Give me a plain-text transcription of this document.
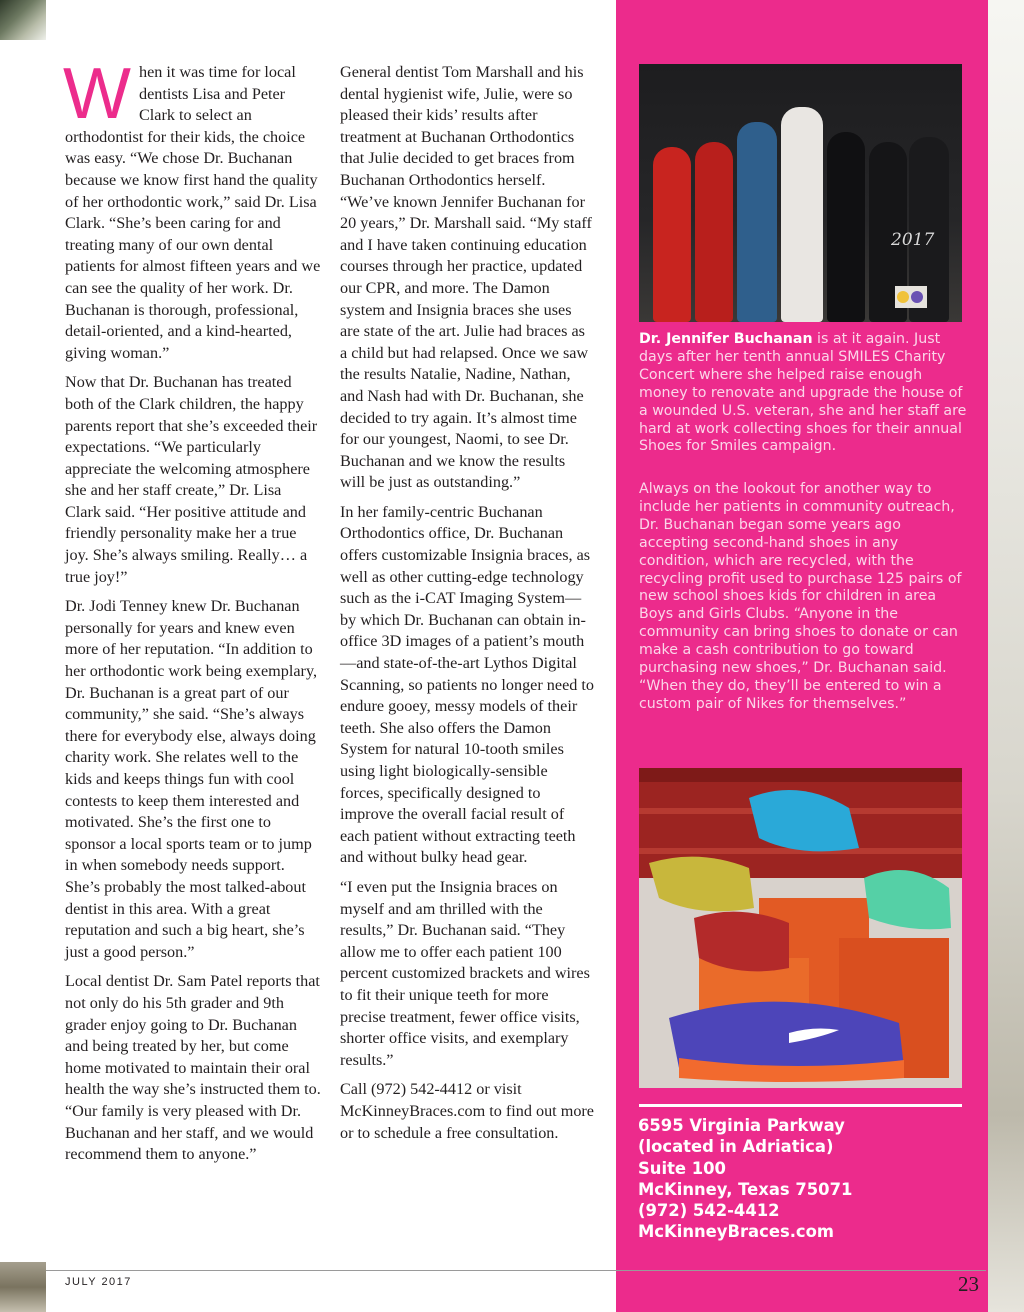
When it was time for local dentists Lisa and Peter Clark to select an orthodontist for their kids, the choice was easy. “We chose Dr. Buchanan because we know first hand the quality of her orthodontic work,” said Dr. Lisa Clark. “She’s been caring for and treating many of our own dental patients for almost fifteen years and we can see the quality of her work. Dr. Buchanan is thorough, professional, detail-oriented, and a kind-hearted, giving woman.”

Now that Dr. Buchanan has treated both of the Clark children, the happy parents report that she’s exceeded their expectations. “We particularly appreciate the welcoming atmosphere she and her staff create,” Dr. Lisa Clark said. “Her positive attitude and friendly personality make her a true joy. She’s always smiling. Really… a true joy!”

Dr. Jodi Tenney knew Dr. Buchanan personally for years and knew even more of her reputation. “In addition to her orthodontic work being exemplary, Dr. Buchanan is a great part of our community,” she said. “She’s always there for everybody else, always doing charity work. She relates well to the kids and keeps things fun with cool contests to keep them interested and motivated. She’s the first one to sponsor a local sports team or to jump in when somebody needs support. She’s probably the most talked-about dentist in this area. With a great reputation and such a big heart, she’s just a good person.”

Local dentist Dr. Sam Patel reports that not only do his 5th grader and 9th grader enjoy going to Dr. Buchanan and being treated by her, but come home motivated to maintain their oral health the way she’s instructed them to. “Our family is very pleased with Dr. Buchanan and her staff, and we would recommend them to anyone.”

General dentist Tom Marshall and his dental hygienist wife, Julie, were so pleased their kids’ results after treatment at Buchanan Orthodontics that Julie decided to get braces from Buchanan Orthodontics herself. “We’ve known Jennifer Buchanan for 20 years,” Dr. Marshall said. “My staff and I have taken continuing education courses through her practice, updated our CPR, and more. The Damon system and Insignia braces she uses are state of the art. Julie had braces as a child but had relapsed. Once we saw the results Natalie, Nadine, Nathan, and Nash had with Dr. Buchanan, she decided to try again. It’s almost time for our youngest, Naomi, to see Dr. Buchanan and we know the results will be just as outstanding.”

In her family-centric Buchanan Orthodontics office, Dr. Buchanan offers customizable Insignia braces, as well as other cutting-edge technology such as the i-CAT Imaging System—by which Dr. Buchanan can obtain in-office 3D images of a patient’s mouth—and state-of-the-art Lythos Digital Scanning, so patients no longer need to endure gooey, messy models of their teeth. She also offers the Damon System for natural 10-tooth smiles using light biologically-sensible forces, specifically designed to improve the overall facial result of each patient without extracting teeth and without bulky head gear.

“I even put the Insignia braces on myself and am thrilled with the results,” Dr. Buchanan said. “They allow me to offer each patient 100 percent customized brackets and wires to fit their unique teeth for more precise treatment, fewer office visits, shorter office visits, and exemplary results.”

Call (972) 542-4412 or visit McKinneyBraces.com to find out more or to schedule a free consultation.

2017
Dr. Jennifer Buchanan is at it again. Just days after her tenth annual SMILES Charity Concert where she helped raise enough money to renovate and upgrade the house of a wounded U.S. veteran, she and her staff are hard at work collecting shoes for their annual Shoes for Smiles campaign.
Always on the lookout for another way to include her patients in community outreach, Dr. Buchanan began some years ago accepting second-hand shoes in any condition, which are recycled, with the recycling profit used to purchase 125 pairs of new school shoes kids for children in area Boys and Girls Clubs. “Anyone in the community can bring shoes to donate or can make a cash contribution to go toward purchasing new shoes,” Dr. Buchanan said. “When they do, they’ll be entered to win a custom pair of Nikes for themselves.”
6595 Virginia Parkway
(located in Adriatica)
Suite 100
McKinney, Texas 75071
(972) 542-4412
McKinneyBraces.com
JULY 2017	23
